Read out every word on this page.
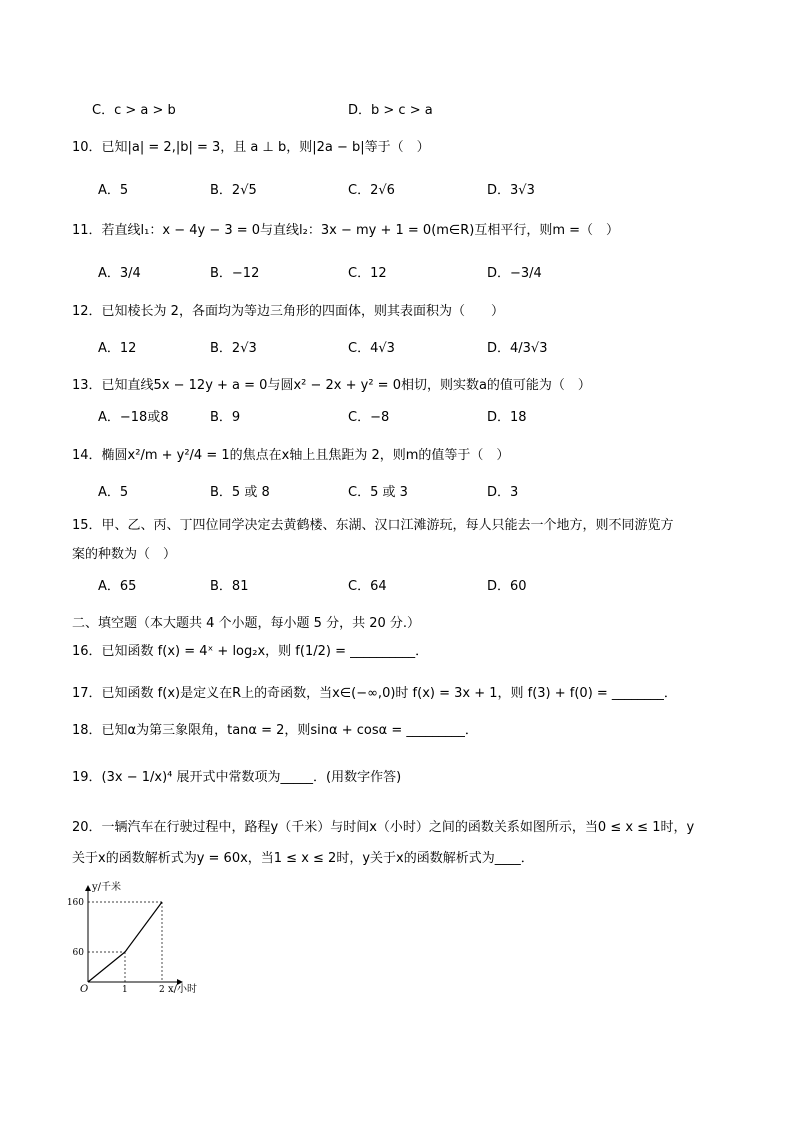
C．c > a > b	D．b > c > a
10．已知|a| = 2,|b| = 3，且 a ⊥ b，则|2a − b|等于（　）
A．5	B．2√5	C．2√6	D．3√3
11．若直线l₁：x − 4y − 3 = 0与直线l₂：3x − my + 1 = 0(m∈R)互相平行，则m =（　）
A．3/4	B．−12	C．12	D．−3/4
12．已知棱长为 2，各面均为等边三角形的四面体，则其表面积为（　　）
A．12	B．2√3	C．4√3	D．4/3√3
13．已知直线5x − 12y + a = 0与圆x² − 2x + y² = 0相切，则实数a的值可能为（　）
A．−18或8	B．9	C．−8	D．18
14．椭圆x²/m + y²/4 = 1的焦点在x轴上且焦距为 2，则m的值等于（　）
A．5	B．5 或 8	C．5 或 3	D．3
15．甲、乙、丙、丁四位同学决定去黄鹤楼、东湖、汉口江滩游玩，每人只能去一个地方，则不同游览方
案的种数为（　）
A．65	B．81	C．64	D．60
二、填空题（本大题共 4 个小题，每小题 5 分，共 20 分.）
16．已知函数 f(x) = 4ˣ + log₂x，则 f(1/2) = __________．
17．已知函数 f(x)是定义在R上的奇函数，当x∈(−∞,0)时 f(x) = 3x + 1，则 f(3) + f(0) = ________．
18．已知α为第三象限角，tanα = 2，则sinα + cosα = _________．
19．(3x − 1/x)⁴ 展开式中常数项为_____．(用数字作答)
20．一辆汽车在行驶过程中，路程y（千米）与时间x（小时）之间的函数关系如图所示，当0 ≤ x ≤ 1时，y
关于x的函数解析式为y = 60x，当1 ≤ x ≤ 2时，y关于x的函数解析式为____．
1	2
60
160
y/千米
x/小时
O
